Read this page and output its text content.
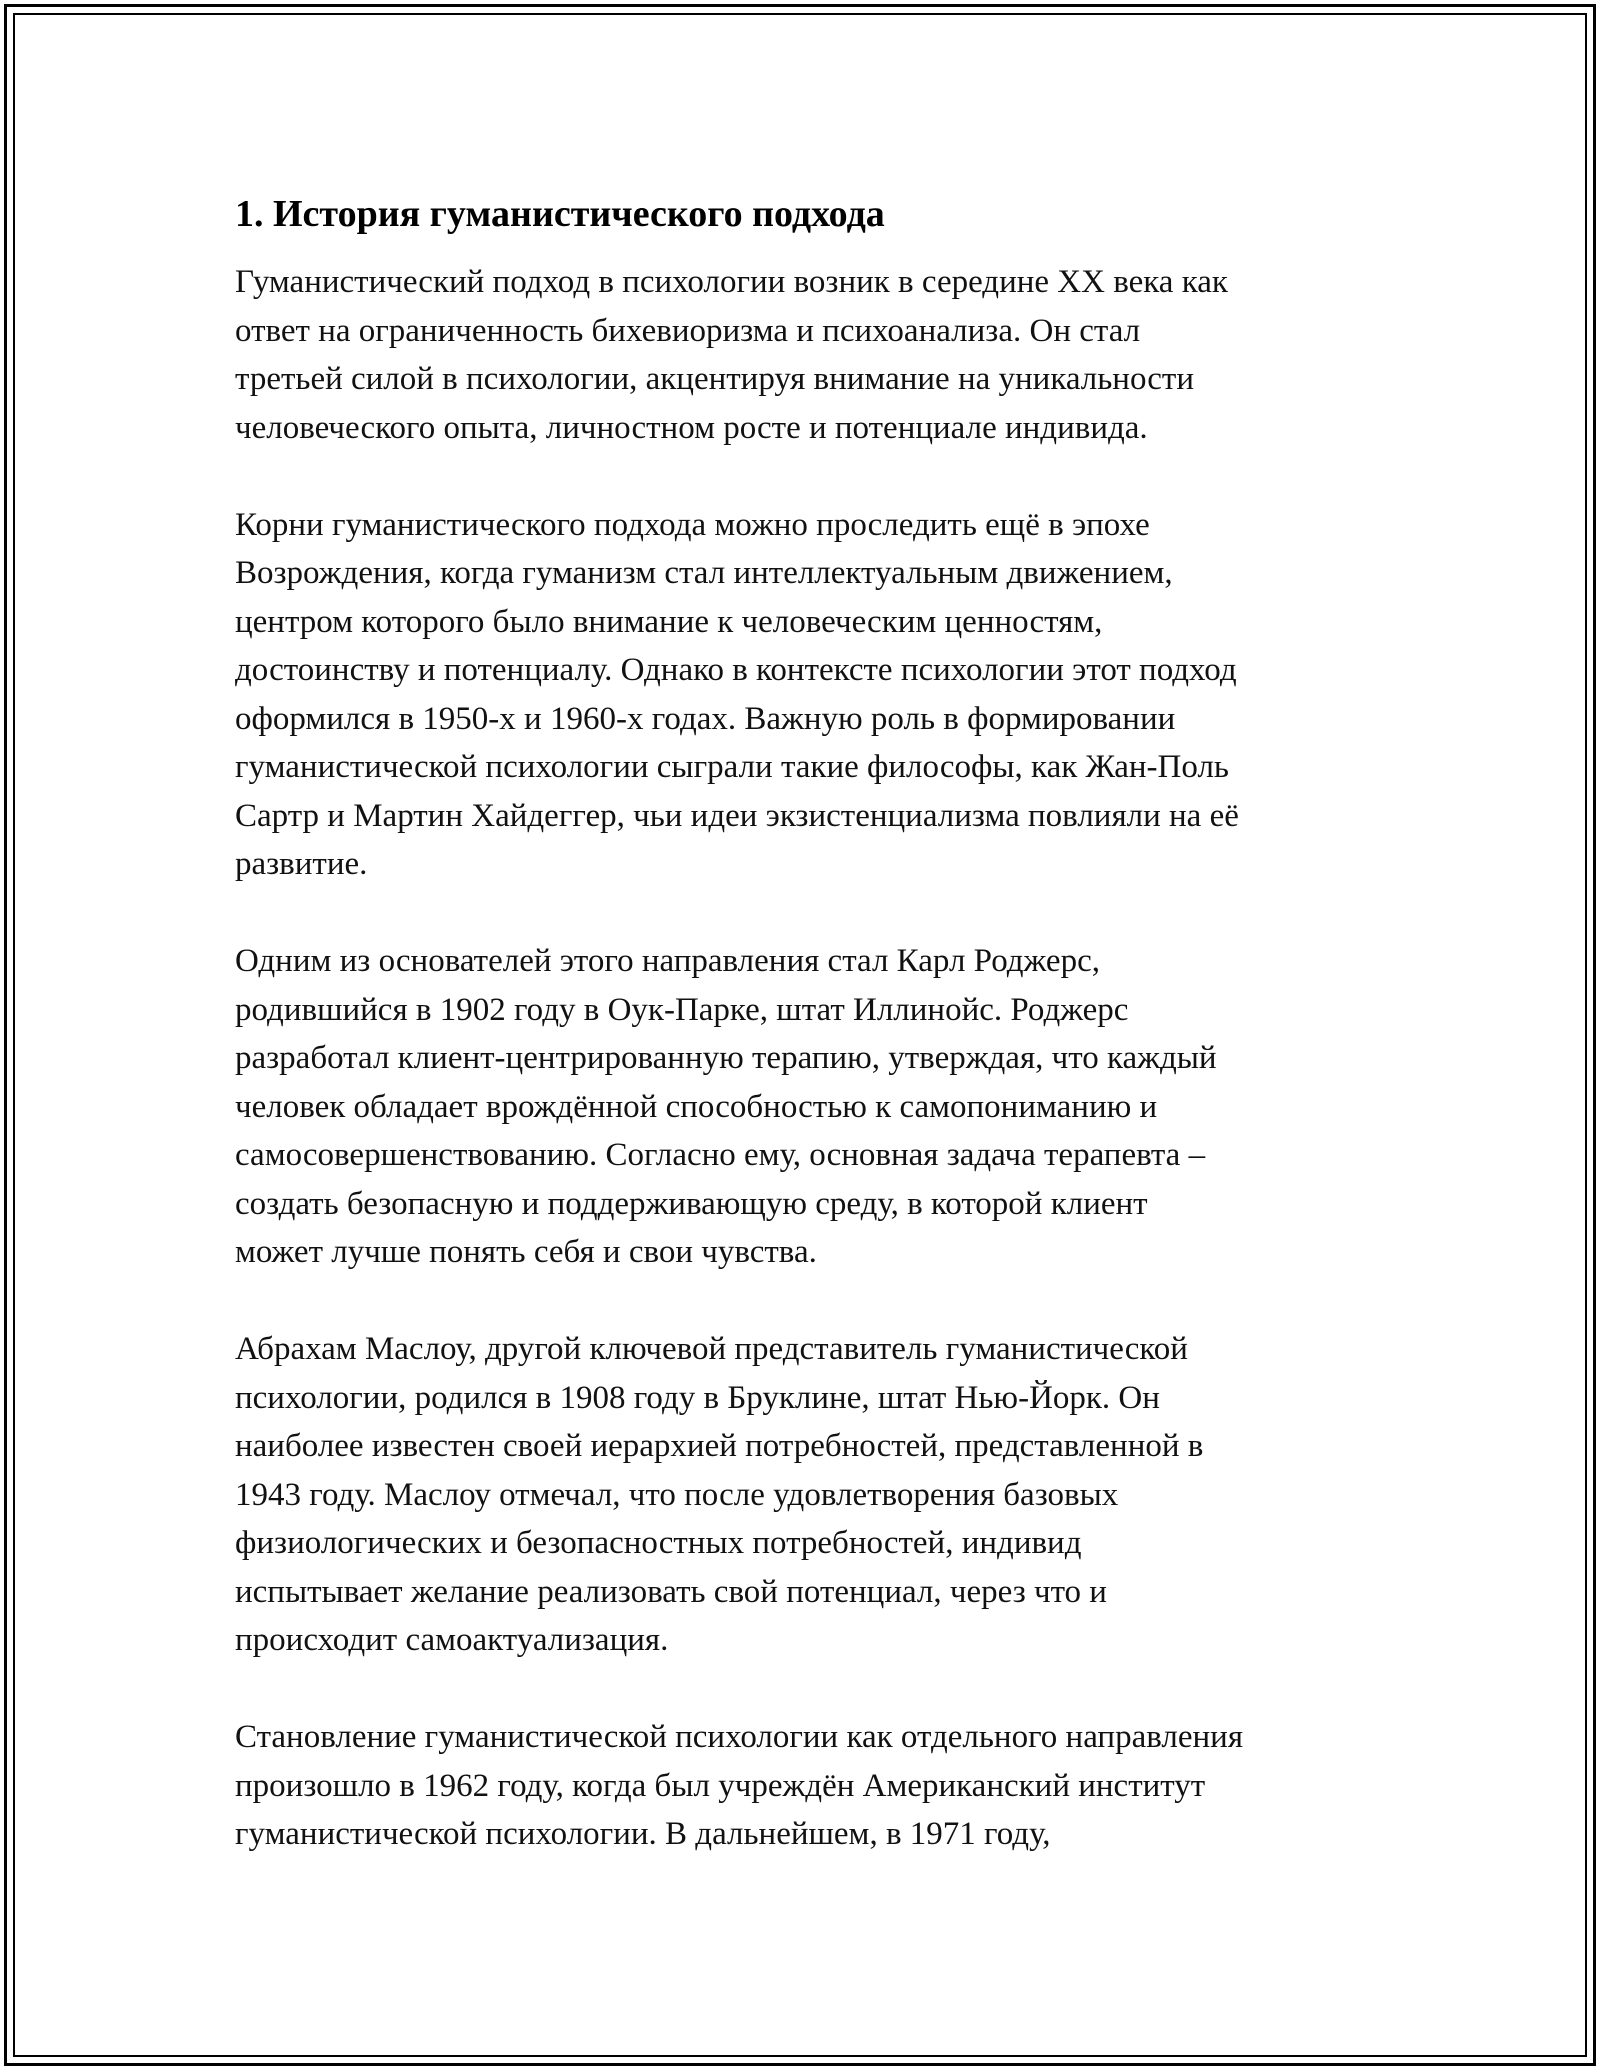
1. История гуманистического подхода

Гуманистический подход в психологии возник в середине XX века как
ответ на ограниченность бихевиоризма и психоанализа. Он стал
третьей силой в психологии, акцентируя внимание на уникальности
человеческого опыта, личностном росте и потенциале индивида.

Корни гуманистического подхода можно проследить ещё в эпохе
Возрождения, когда гуманизм стал интеллектуальным движением,
центром которого было внимание к человеческим ценностям,
достоинству и потенциалу. Однако в контексте психологии этот подход
оформился в 1950-х и 1960-х годах. Важную роль в формировании
гуманистической психологии сыграли такие философы, как Жан-Поль
Сартр и Мартин Хайдеггер, чьи идеи экзистенциализма повлияли на её
развитие.

Одним из основателей этого направления стал Карл Роджерс,
родившийся в 1902 году в Оук-Парке, штат Иллинойс. Роджерс
разработал клиент-центрированную терапию, утверждая, что каждый
человек обладает врождённой способностью к самопониманию и
самосовершенствованию. Согласно ему, основная задача терапевта –
создать безопасную и поддерживающую среду, в которой клиент
может лучше понять себя и свои чувства.

Абрахам Маслоу, другой ключевой представитель гуманистической
психологии, родился в 1908 году в Бруклине, штат Нью-Йорк. Он
наиболее известен своей иерархией потребностей, представленной в
1943 году. Маслоу отмечал, что после удовлетворения базовых
физиологических и безопасностных потребностей, индивид
испытывает желание реализовать свой потенциал, через что и
происходит самоактуализация.

Становление гуманистической психологии как отдельного направления
произошло в 1962 году, когда был учреждён Американский институт
гуманистической психологии. В дальнейшем, в 1971 году,
